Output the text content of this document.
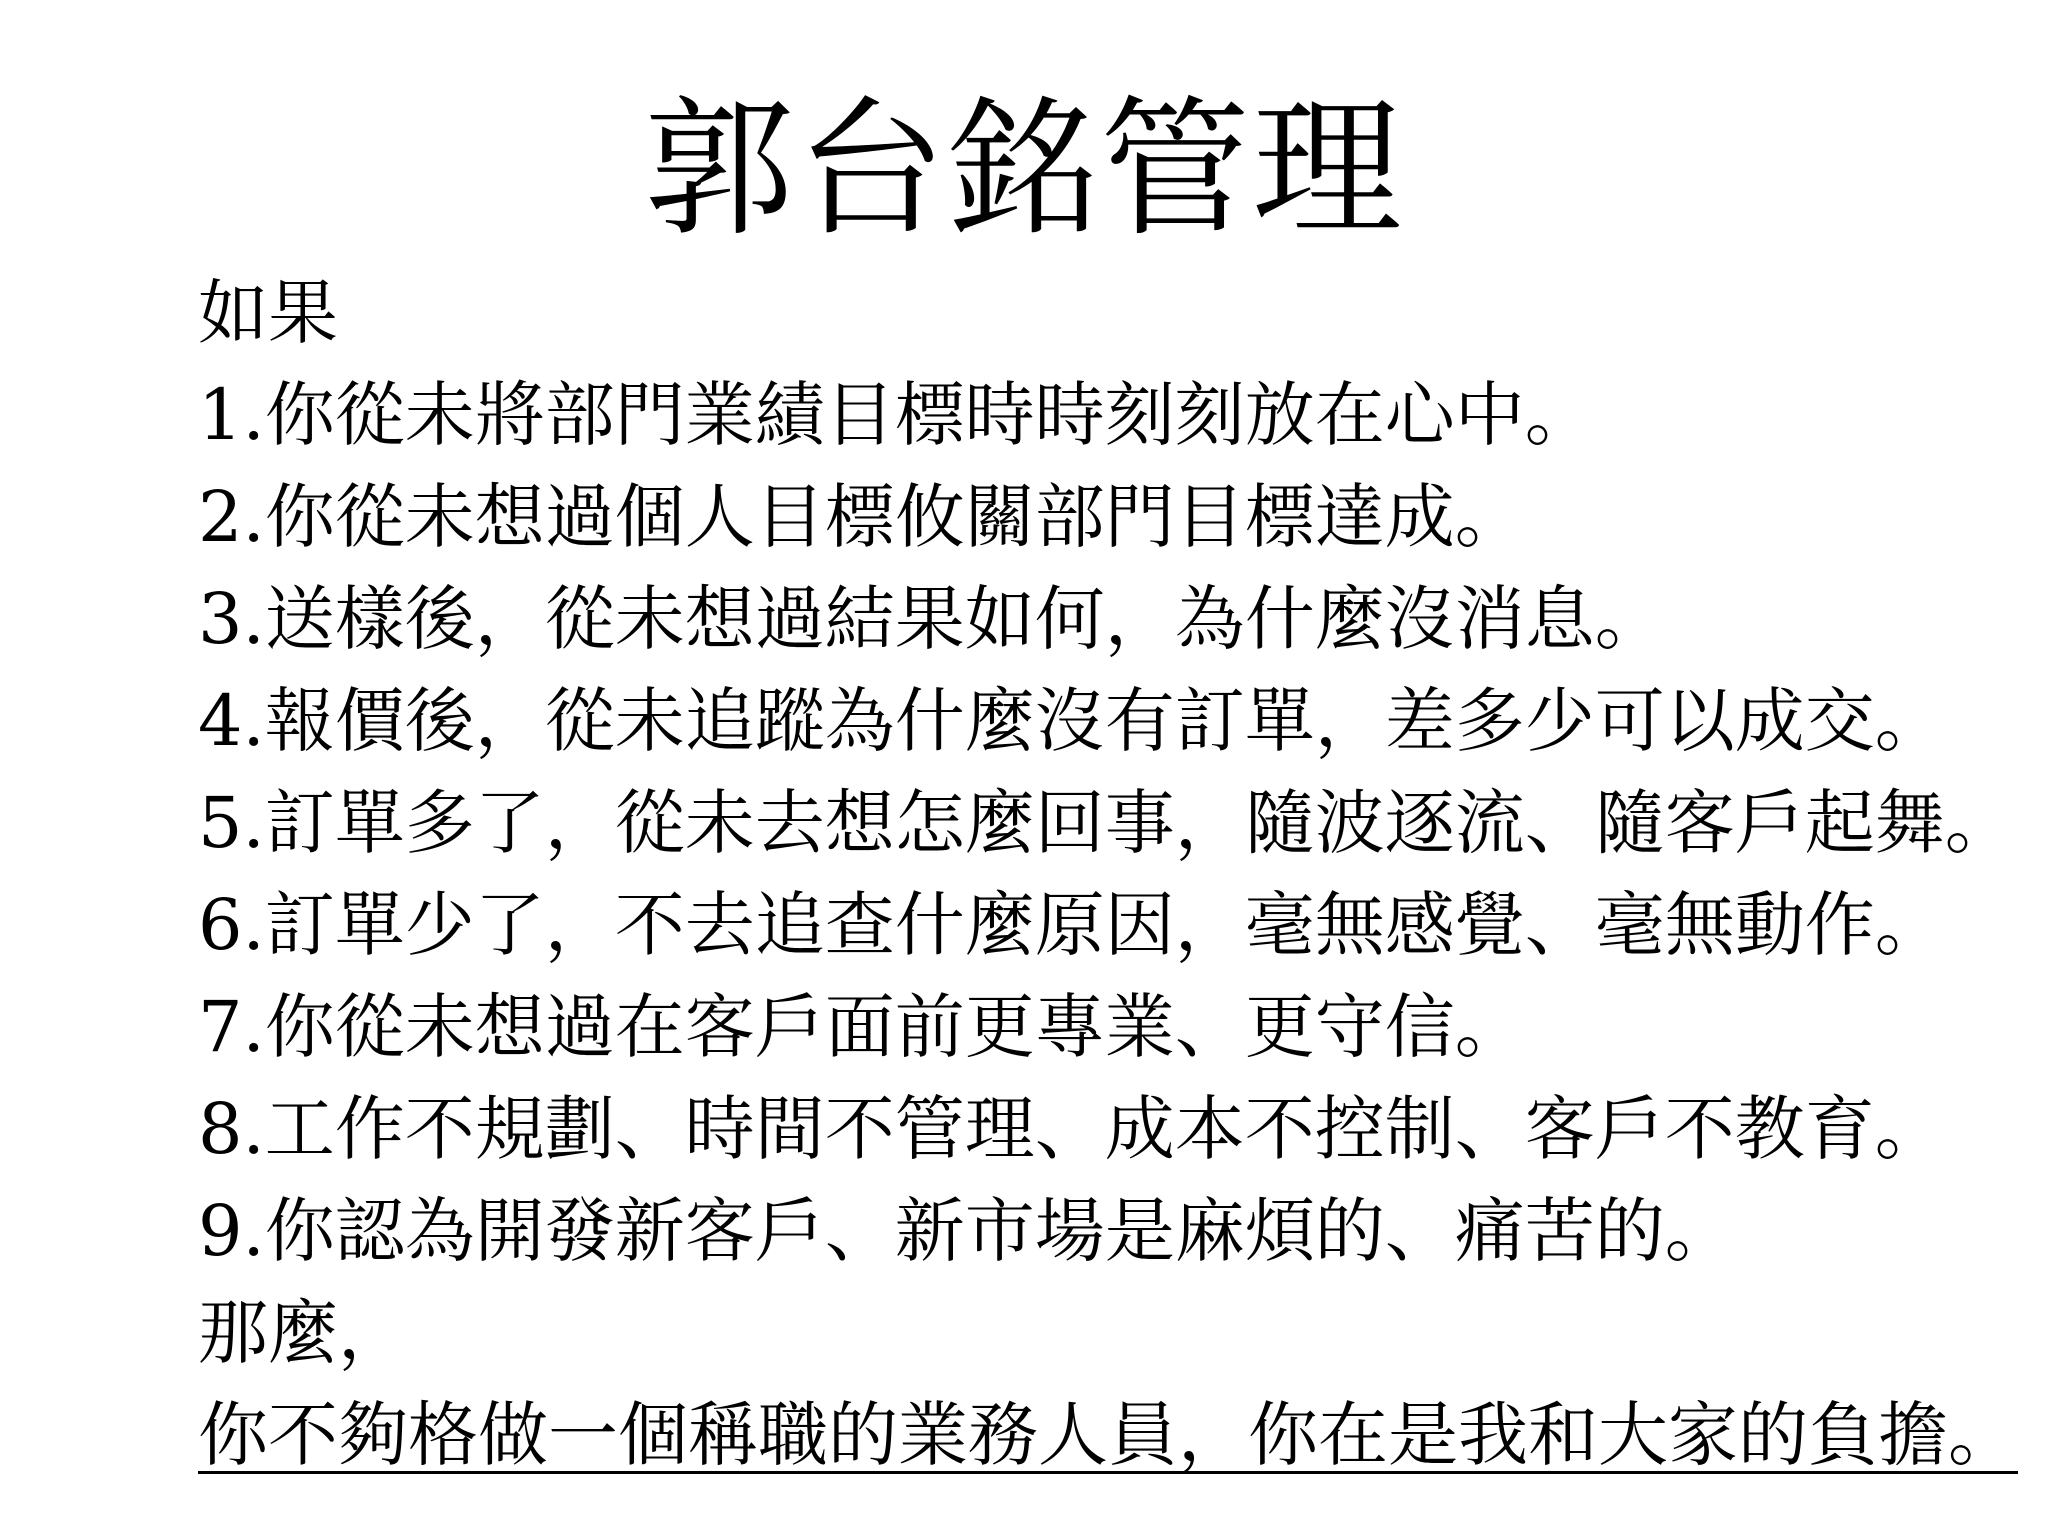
郭台銘管理
如果
1.你從未將部門業績目標時時刻刻放在心中。
2.你從未想過個人目標攸關部門目標達成。
3.送樣後，從未想過結果如何，為什麼沒消息。
4.報價後，從未追蹤為什麼沒有訂單，差多少可以成交。
5.訂單多了，從未去想怎麼回事，隨波逐流、隨客戶起舞。
6.訂單少了，不去追查什麼原因，毫無感覺、毫無動作。
7.你從未想過在客戶面前更專業、更守信。
8.工作不規劃、時間不管理、成本不控制、客戶不教育。
9.你認為開發新客戶、新市場是麻煩的、痛苦的。
那麼，
你不夠格做一個稱職的業務人員，你在是我和大家的負擔。
